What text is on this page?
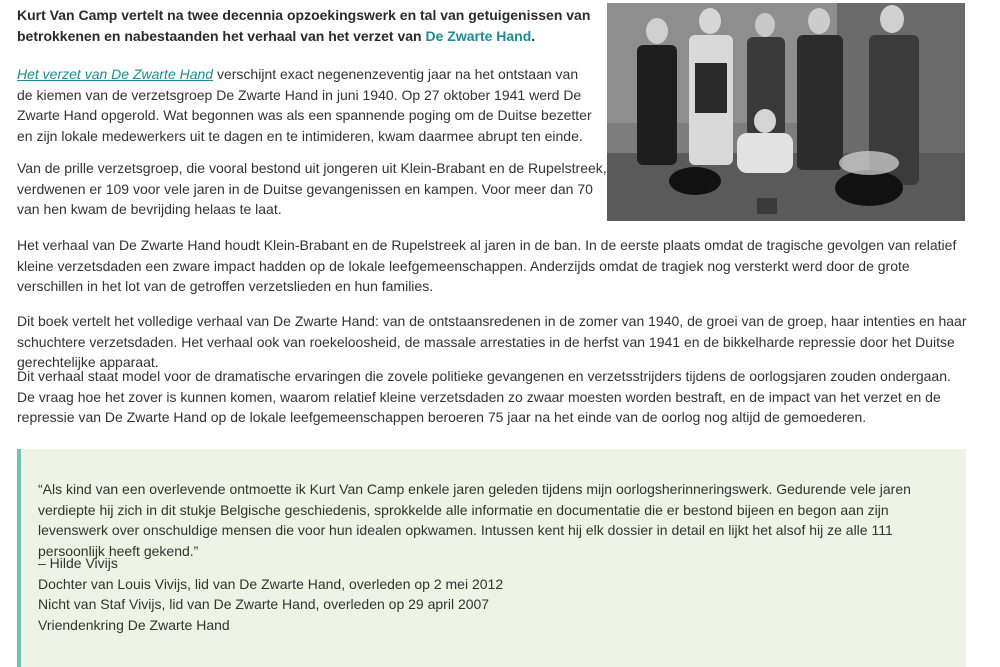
Kurt Van Camp vertelt na twee decennia opzoekingswerk en tal van getuigenissen van betrokkenen en nabestaanden het verhaal van het verzet van De Zwarte Hand.

Het verzet van De Zwarte Hand verschijnt exact negenenzeventig jaar na het ontstaan van de kiemen van de verzetsgroep De Zwarte Hand in juni 1940. Op 27 oktober 1941 werd De Zwarte Hand opgerold. Wat begonnen was als een spannende poging om de Duitse bezetter en zijn lokale medewerkers uit te dagen en te intimideren, kwam daarmee abrupt ten einde.

Van de prille verzetsgroep, die vooral bestond uit jongeren uit Klein-Brabant en de Rupelstreek, verdwenen er 109 voor vele jaren in de Duitse gevangenissen en kampen. Voor meer dan 70 van hen kwam de bevrijding helaas te laat.

Het verhaal van De Zwarte Hand houdt Klein-Brabant en de Rupelstreek al jaren in de ban. In de eerste plaats omdat de tragische gevolgen van relatief kleine verzetsdaden een zware impact hadden op de lokale leefgemeenschappen. Anderzijds omdat de tragiek nog versterkt werd door de grote verschillen in het lot van de getroffen verzetslieden en hun families.

Dit boek vertelt het volledige verhaal van De Zwarte Hand: van de ontstaansredenen in de zomer van 1940, de groei van de groep, haar intenties en haar schuchtere verzetsdaden. Het verhaal ook van roekeloosheid, de massale arrestaties in de herfst van 1941 en de bikkelharde repressie door het Duitse gerechtelijke apparaat.

Dit verhaal staat model voor de dramatische ervaringen die zovele politieke gevangenen en verzetsstrijders tijdens de oorlogsjaren zouden ondergaan. De vraag hoe het zover is kunnen komen, waarom relatief kleine verzetsdaden zo zwaar moesten worden bestraft, en de impact van het verzet en de repressie van De Zwarte Hand op de lokale leefgemeenschappen beroeren 75 jaar na het einde van de oorlog nog altijd de gemoederen.

“Als kind van een overlevende ontmoette ik Kurt Van Camp enkele jaren geleden tijdens mijn oorlogsherinneringswerk. Gedurende vele jaren verdiepte hij zich in dit stukje Belgische geschiedenis, sprokkelde alle informatie en documentatie die er bestond bijeen en begon aan zijn levenswerk over onschuldige mensen die voor hun idealen opkwamen. Intussen kent hij elk dossier in detail en lijkt het alsof hij ze alle 111 persoonlijk heeft gekend.”

– Hilde Vivijs
Dochter van Louis Vivijs, lid van De Zwarte Hand, overleden op 2 mei 2012
Nicht van Staf Vivijs, lid van De Zwarte Hand, overleden op 29 april 2007
Vriendenkring De Zwarte Hand
